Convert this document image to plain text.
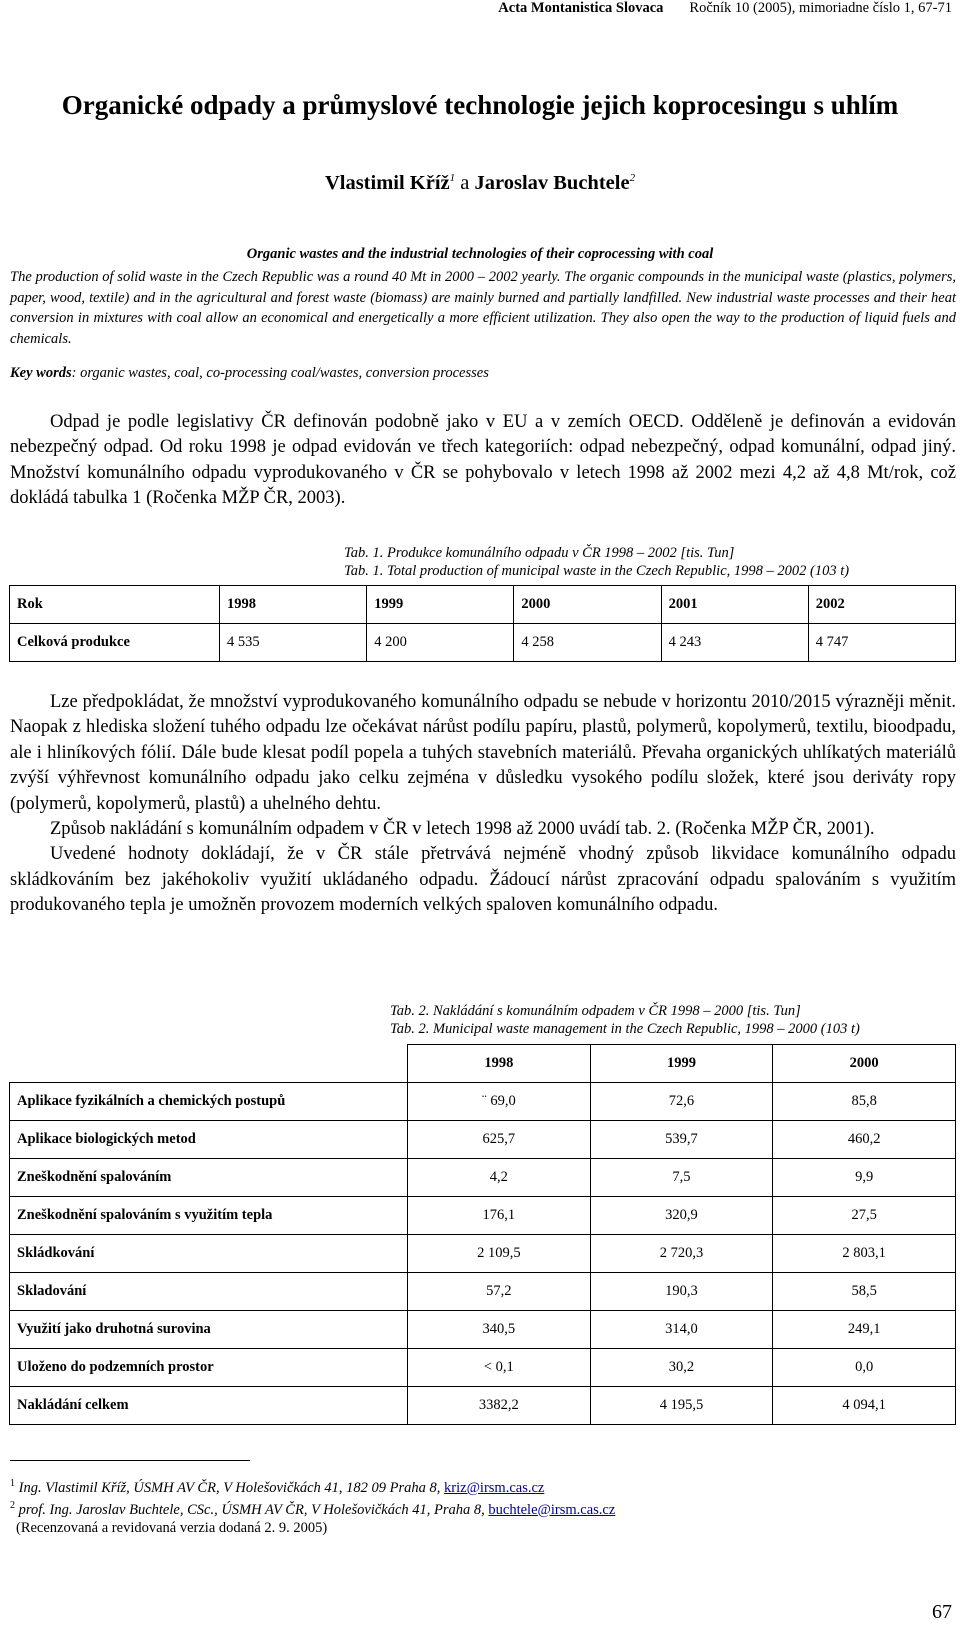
Acta Montanistica Slovaca Ročník 10 (2005), mimoriadne číslo 1, 67-71
Organické odpady a průmyslové technologie jejich koprocesingu s uhlím
Vlastimil Kříž$^1$ a Jaroslav Buchtele$^2$
Organic wastes and the industrial technologies of their coprocessing with coal
The production of solid waste in the Czech Republic was a round 40 Mt in 2000 – 2002 yearly. The organic compounds in the municipal waste (plastics, polymers, paper, wood, textile) and in the agricultural and forest waste (biomass) are mainly burned and partially landfilled. New industrial waste processes and their heat conversion in mixtures with coal allow an economical and energetically a more efficient utilization. They also open the way to the production of liquid fuels and chemicals.
Key words: organic wastes, coal, co-processing coal/wastes, conversion processes

Odpad je podle legislativy ČR definován podobně jako v EU a v zemích OECD. Odděleně je definován a evidován nebezpečný odpad. Od roku 1998 je odpad evidován ve třech kategoriích: odpad nebezpečný, odpad komunální, odpad jiný. Množství komunálního odpadu vyprodukovaného v ČR se pohybovalo v letech 1998 až 2002 mezi 4,2 až 4,8 Mt/rok, což dokládá tabulka 1 (Ročenka MŽP ČR, 2003).

Tab. 1. Produkce komunálního odpadu v ČR 1998 – 2002 [tis. Tun]
Tab. 1. Total production of municipal waste in the Czech Republic, 1998 – 2002 (103 t)
Rok	1998	1999	2000	2001	2002
Celková produkce	4 535	4 200	4 258	4 243	4 747

Lze předpokládat, že množství vyprodukovaného komunálního odpadu se nebude v horizontu 2010/2015 výrazněji měnit. Naopak z hlediska složení tuhého odpadu lze očekávat nárůst podílu papíru, plastů, polymerů, kopolymerů, textilu, bioodpadu, ale i hliníkových fólií. Dále bude klesat podíl popela a tuhých stavebních materiálů. Převaha organických uhlíkatých materiálů zvýší výhřevnost komunálního odpadu jako celku zejména v důsledku vysokého podílu složek, které jsou deriváty ropy (polymerů, kopolymerů, plastů) a uhelného dehtu.

Způsob nakládání s komunálním odpadem v ČR v letech 1998 až 2000 uvádí tab. 2. (Ročenka MŽP ČR, 2001).

Uvedené hodnoty dokládají, že v ČR stále přetrvává nejméně vhodný způsob likvidace komunálního odpadu skládkováním bez jakéhokoliv využití ukládaného odpadu. Žádoucí nárůst zpracování odpadu spalováním s využitím produkovaného tepla je umožněn provozem moderních velkých spaloven komunálního odpadu.

Tab. 2. Nakládání s komunálním odpadem v ČR 1998 – 2000 [tis. Tun]
Tab. 2. Municipal waste management in the Czech Republic, 1998 – 2000 (103 t)
	1998	1999	2000
Aplikace fyzikálních a chemických postupů	¨ 69,0	72,6	85,8
Aplikace biologických metod	625,7	539,7	460,2
Zneškodnění spalováním	4,2	7,5	9,9
Zneškodnění spalováním s využitím tepla	176,1	320,9	27,5
Skládkování	2 109,5	2 720,3	2 803,1
Skladování	57,2	190,3	58,5
Využití jako druhotná surovina	340,5	314,0	249,1
Uloženo do podzemních prostor	< 0,1	30,2	0,0
Nakládání celkem	3382,2	4 195,5	4 094,1
$^1$ Ing. Vlastimil Kříž, ÚSMH AV ČR, V Holešovičkách 41, 182 09 Praha 8, kriz@irsm.cas.cz
$^2$ prof. Ing. Jaroslav Buchtele, CSc., ÚSMH AV ČR, V Holešovičkách 41, Praha 8, buchtele@irsm.cas.cz
(Recenzovaná a revidovaná verzia dodaná 2. 9. 2005)
67
